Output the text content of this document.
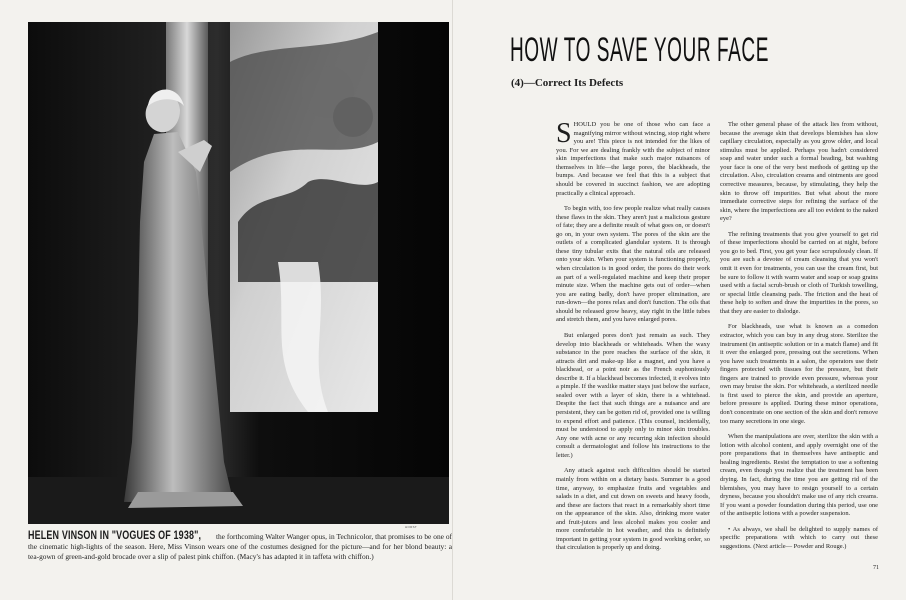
HORST
HELEN VINSON IN "VOGUES OF 1938", the forthcoming Walter Wanger opus, in Technicolor, that promises to be one of the cinematic high-lights of the season. Here, Miss Vinson wears one of the costumes designed for the picture—and for her blond beauty: a tea-gown of green-and-gold brocade over a slip of palest pink chiffon. (Macy's has adapted it in taffeta with chiffon.)
HOW TO SAVE YOUR FACE
(4)—Correct Its Defects

SHOULD you be one of those who can face a magnifying mirror without wincing, stop right where you are! This piece is not intended for the likes of you. For we are dealing frankly with the subject of minor skin imperfections that make such major nuisances of themselves in life—the large pores, the blackheads, the bumps. And because we feel that this is a subject that should be covered in succinct fashion, we are adopting practically a clinical approach.

To begin with, too few people realize what really causes these flaws in the skin. They aren't just a malicious gesture of fate; they are a definite result of what goes on, or doesn't go on, in your own system. The pores of the skin are the outlets of a complicated glandular system. It is through these tiny tubular exits that the natural oils are released onto your skin. When your system is functioning properly, when circulation is in good order, the pores do their work as part of a well-regulated machine and keep their proper minute size. When the machine gets out of order—when you are eating badly, don't have proper elimination, are run-down—the pores relax and don't function. The oils that should be released grow heavy, stay right in the little tubes and stretch them, and you have enlarged pores.

But enlarged pores don't just remain as such. They develop into blackheads or whiteheads. When the waxy substance in the pore reaches the surface of the skin, it attracts dirt and make-up like a magnet, and you have a blackhead, or a point noir as the French euphoniously describe it. If a blackhead becomes infected, it evolves into a pimple. If the waxlike matter stays just below the surface, sealed over with a layer of skin, there is a whitehead. Despite the fact that such things are a nuisance and are persistent, they can be gotten rid of, provided one is willing to expend effort and patience. (This counsel, incidentally, must be understood to apply only to minor skin troubles. Any one with acne or any recurring skin infection should consult a dermatologist and follow his instructions to the letter.)

Any attack against such difficulties should be started mainly from within on a dietary basis. Summer is a good time, anyway, to emphasize fruits and vegetables and salads in a diet, and cut down on sweets and heavy foods, and these are factors that react in a remarkably short time on the appearance of the skin. Also, drinking more water and fruit-juices and less alcohol makes you cooler and more comfortable in hot weather, and this is definitely important in getting your system in good working order, so that circulation is properly up and doing.

The other general phase of the attack lies from without, because the average skin that develops blemishes has slow capillary circulation, especially as you grow older, and local stimulus must be applied. Perhaps you hadn't considered soap and water under such a formal heading, but washing your face is one of the very best methods of getting up the circulation. Also, circulation creams and ointments are good corrective measures, because, by stimulating, they help the skin to throw off impurities. But what about the more immediate corrective steps for refining the surface of the skin, where the imperfections are all too evident to the naked eye?

The refining treatments that you give yourself to get rid of these imperfections should be carried on at night, before you go to bed. First, you get your face scrupulously clean. If you are such a devotee of cream cleansing that you won't omit it even for treatments, you can use the cream first, but be sure to follow it with warm water and soap or soap grains used with a facial scrub-brush or cloth of Turkish towelling, or special little cleansing pads. The friction and the heat of these help to soften and draw the impurities in the pores, so that they are easier to dislodge.

For blackheads, use what is known as a comedon extractor, which you can buy in any drug store. Sterilize the instrument (in antiseptic solution or in a match flame) and fit it over the enlarged pore, pressing out the secretions. When you have such treatments in a salon, the operators use their fingers protected with tissues for the pressure, but their fingers are trained to provide even pressure, whereas your own may bruise the skin. For whiteheads, a sterilized needle is first used to pierce the skin, and provide an aperture, before pressure is applied. During these minor operations, don't concentrate on one section of the skin and don't remove too many secretions in one siege.

When the manipulations are over, sterilize the skin with a lotion with alcohol content, and apply overnight one of the pore preparations that in themselves have antiseptic and healing ingredients. Resist the temptation to use a softening cream, even though you realize that the treatment has been drying. In fact, during the time you are getting rid of the blemishes, you may have to resign yourself to a certain dryness, because you shouldn't make use of any rich creams. If you want a powder foundation during this period, use one of the antiseptic lotions with a powder suspension.

• As always, we shall be delighted to supply names of specific preparations with which to carry out these suggestions. (Next article— Powder and Rouge.)

71
